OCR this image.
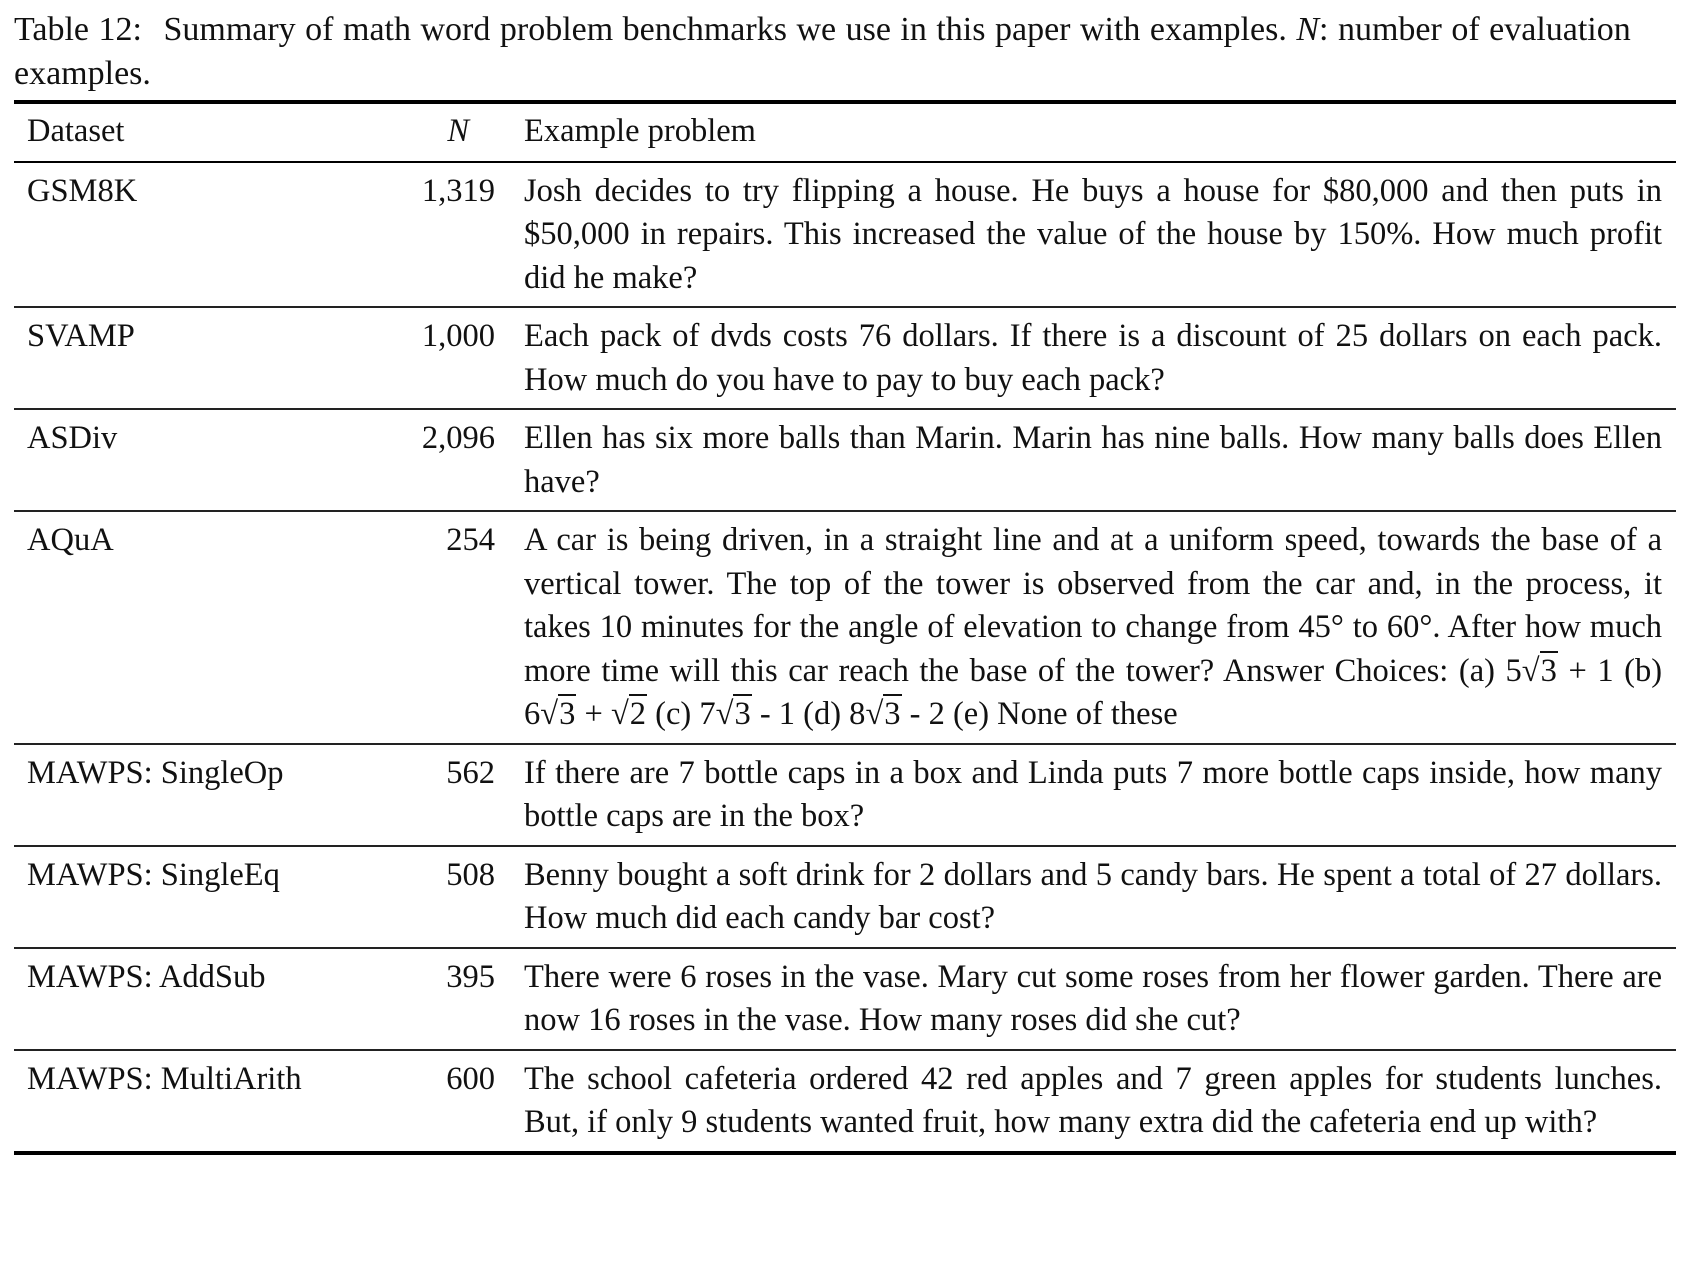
Table 12: Summary of math word problem benchmarks we use in this paper with examples. N: number of evaluation examples.
Dataset	N	Example problem
GSM8K	1,319	Josh decides to try flipping a house. He buys a house for $80,000 and then puts in $50,000 in repairs. This increased the value of the house by 150%. How much profit did he make?
SVAMP	1,000	Each pack of dvds costs 76 dollars. If there is a discount of 25 dollars on each pack. How much do you have to pay to buy each pack?
ASDiv	2,096	Ellen has six more balls than Marin. Marin has nine balls. How many balls does Ellen have?
AQuA	254	A car is being driven, in a straight line and at a uniform speed, towards the base of a vertical tower. The top of the tower is observed from the car and, in the process, it takes 10 minutes for the angle of elevation to change from 45° to 60°. After how much more time will this car reach the base of the tower? Answer Choices: (a) 5√3 + 1 (b) 6√3 + √2 (c) 7√3 - 1 (d) 8√3 - 2 (e) None of these
MAWPS: SingleOp	562	If there are 7 bottle caps in a box and Linda puts 7 more bottle caps inside, how many bottle caps are in the box?
MAWPS: SingleEq	508	Benny bought a soft drink for 2 dollars and 5 candy bars. He spent a total of 27 dollars. How much did each candy bar cost?
MAWPS: AddSub	395	There were 6 roses in the vase. Mary cut some roses from her flower garden. There are now 16 roses in the vase. How many roses did she cut?
MAWPS: MultiArith	600	The school cafeteria ordered 42 red apples and 7 green apples for students lunches. But, if only 9 students wanted fruit, how many extra did the cafeteria end up with?
